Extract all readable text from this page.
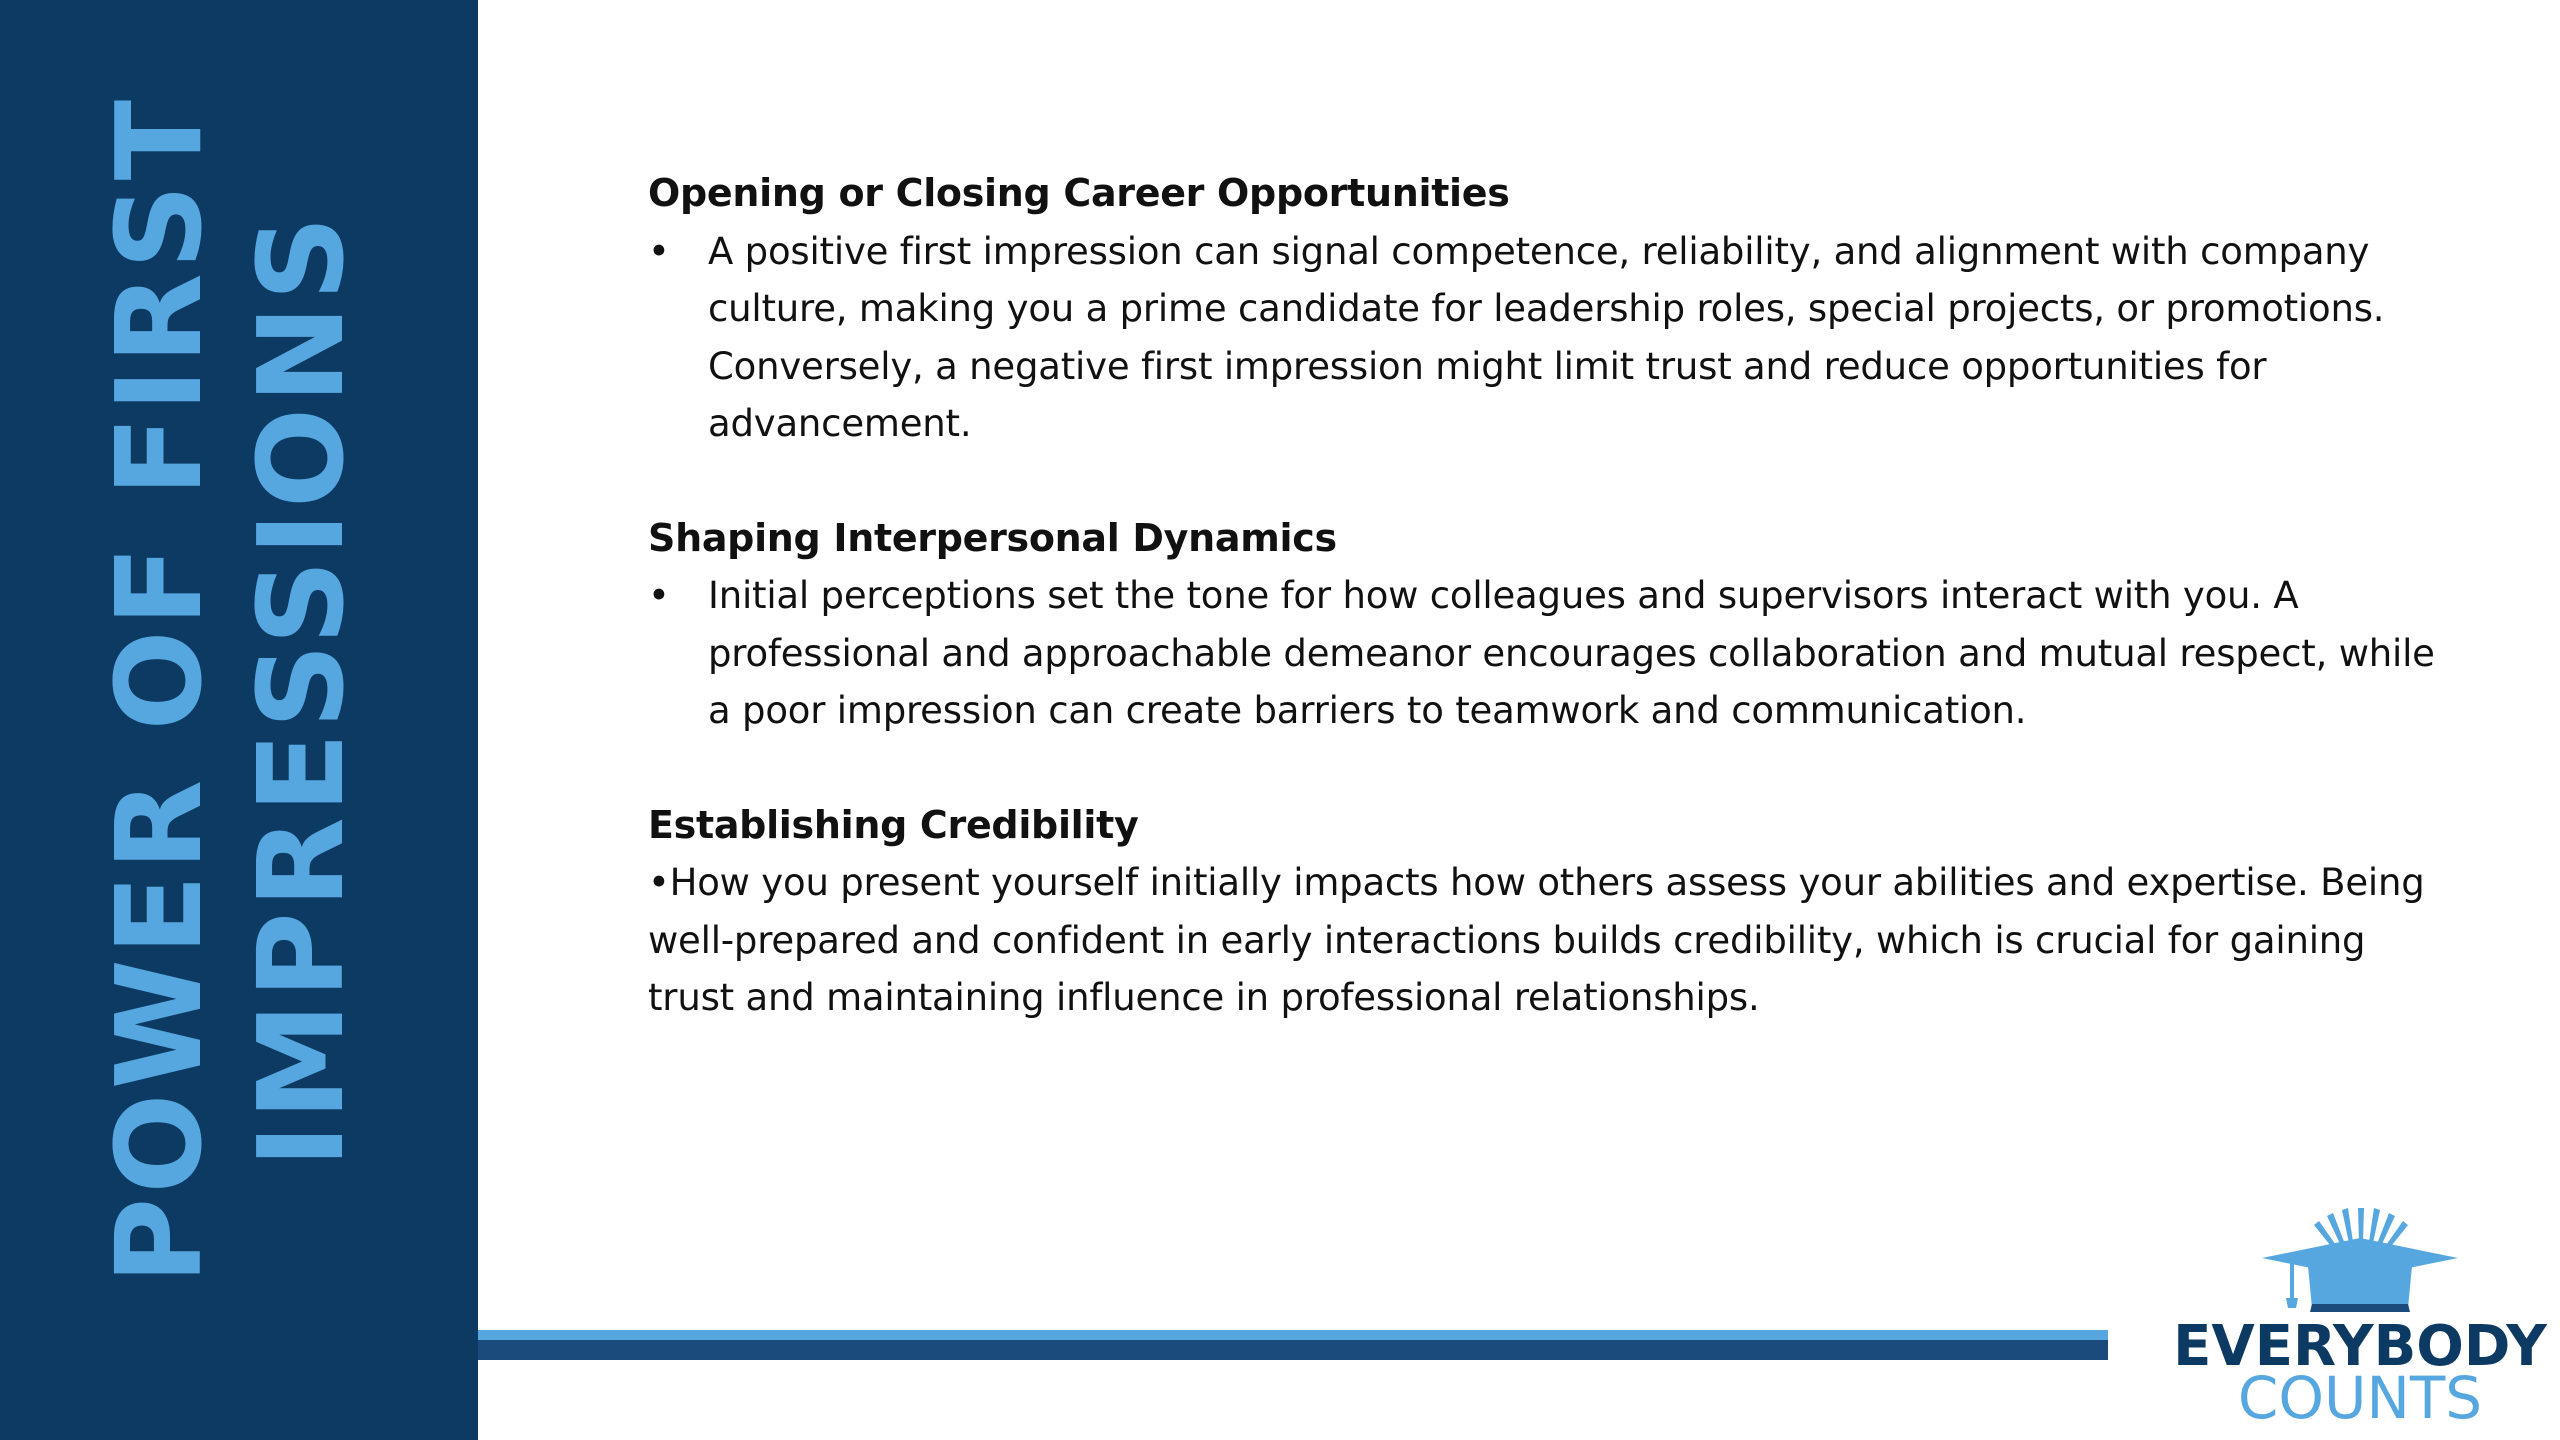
POWER OF FIRST IMPRESSIONS

Opening or Closing Career Opportunities

• A positive first impression can signal competence, reliability, and alignment with company culture, making you a prime candidate for leadership roles, special projects, or promotions. Conversely, a negative first impression might limit trust and reduce opportunities for advancement.

Shaping Interpersonal Dynamics

• Initial perceptions set the tone for how colleagues and supervisors interact with you. A professional and approachable demeanor encourages collaboration and mutual respect, while a poor impression can create barriers to teamwork and communication.

Establishing Credibility

•How you present yourself initially impacts how others assess your abilities and expertise. Being well-prepared and confident in early interactions builds credibility, which is crucial for gaining trust and maintaining influence in professional relationships.

EVERYBODY
COUNTS
